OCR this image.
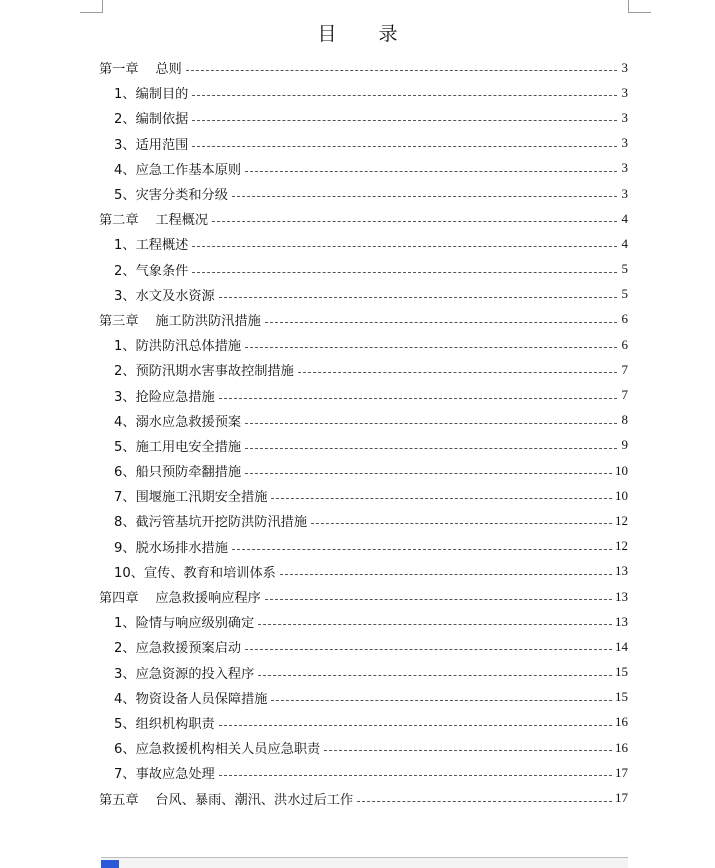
目 录
第一章    总则	3
1、编制目的	3
2、编制依据	3
3、适用范围	3
4、应急工作基本原则	3
5、灾害分类和分级	3
第二章    工程概况	4
1、工程概述	4
2、气象条件	5
3、水文及水资源	5
第三章    施工防洪防汛措施	6
1、防洪防汛总体措施	6
2、预防汛期水害事故控制措施	7
3、抢险应急措施	7
4、溺水应急救援预案	8
5、施工用电安全措施	9
6、船只预防牵翻措施	10
7、围堰施工汛期安全措施	10
8、截污管基坑开挖防洪防汛措施	12
9、脱水场排水措施	12
10、宣传、教育和培训体系	13
第四章    应急救援响应程序	13
1、险情与响应级别确定	13
2、应急救援预案启动	14
3、应急资源的投入程序	15
4、物资设备人员保障措施	15
5、组织机构职责	16
6、应急救援机构相关人员应急职责	16
7、事故应急处理	17
第五章    台风、暴雨、潮汛、洪水过后工作	17
